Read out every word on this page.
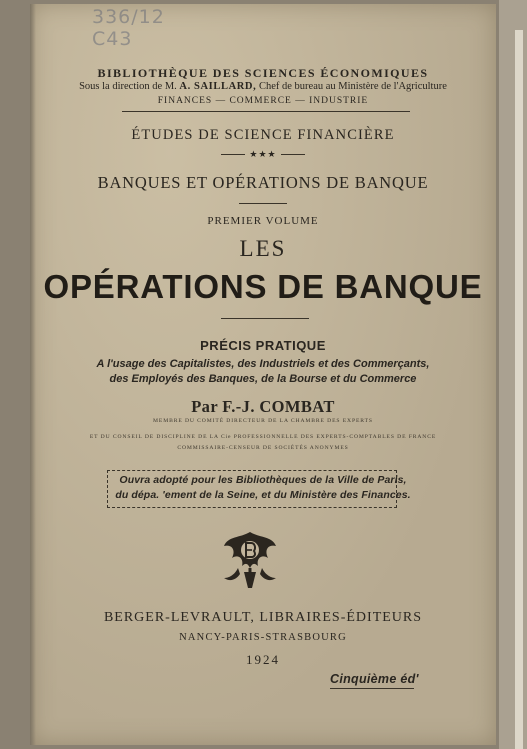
336/12
C43

BIBLIOTHÈQUE DES SCIENCES ÉCONOMIQUES

Sous la direction de M. A. SAILLARD, Chef de bureau au Ministère de l'Agriculture

FINANCES — COMMERCE — INDUSTRIE

ÉTUDES DE SCIENCE FINANCIÈRE

★★★

BANQUES ET OPÉRATIONS DE BANQUE

PREMIER VOLUME

LES

OPÉRATIONS DE BANQUE

PRÉCIS PRATIQUE

A l'usage des Capitalistes, des Industriels et des Commerçants,

des Employés des Banques, de la Bourse et du Commerce

Par F.-J. COMBAT

MEMBRE DU COMITÉ DIRECTEUR DE LA CHAMBRE DES EXPERTS

ET DU CONSEIL DE DISCIPLINE DE LA Cie PROFESSIONNELLE DES EXPERTS-COMPTABLES DE FRANCE

COMMISSAIRE-CENSEUR DE SOCIÉTÉS ANONYMES

Ouvra adopté pour les Bibliothèques de la Ville de Paris,

du dépa. 'ement de la Seine, et du Ministère des Finances.

BERGER-LEVRAULT, LIBRAIRES-ÉDITEURS

NANCY-PARIS-STRASBOURG

1924

Cinquième éd'
